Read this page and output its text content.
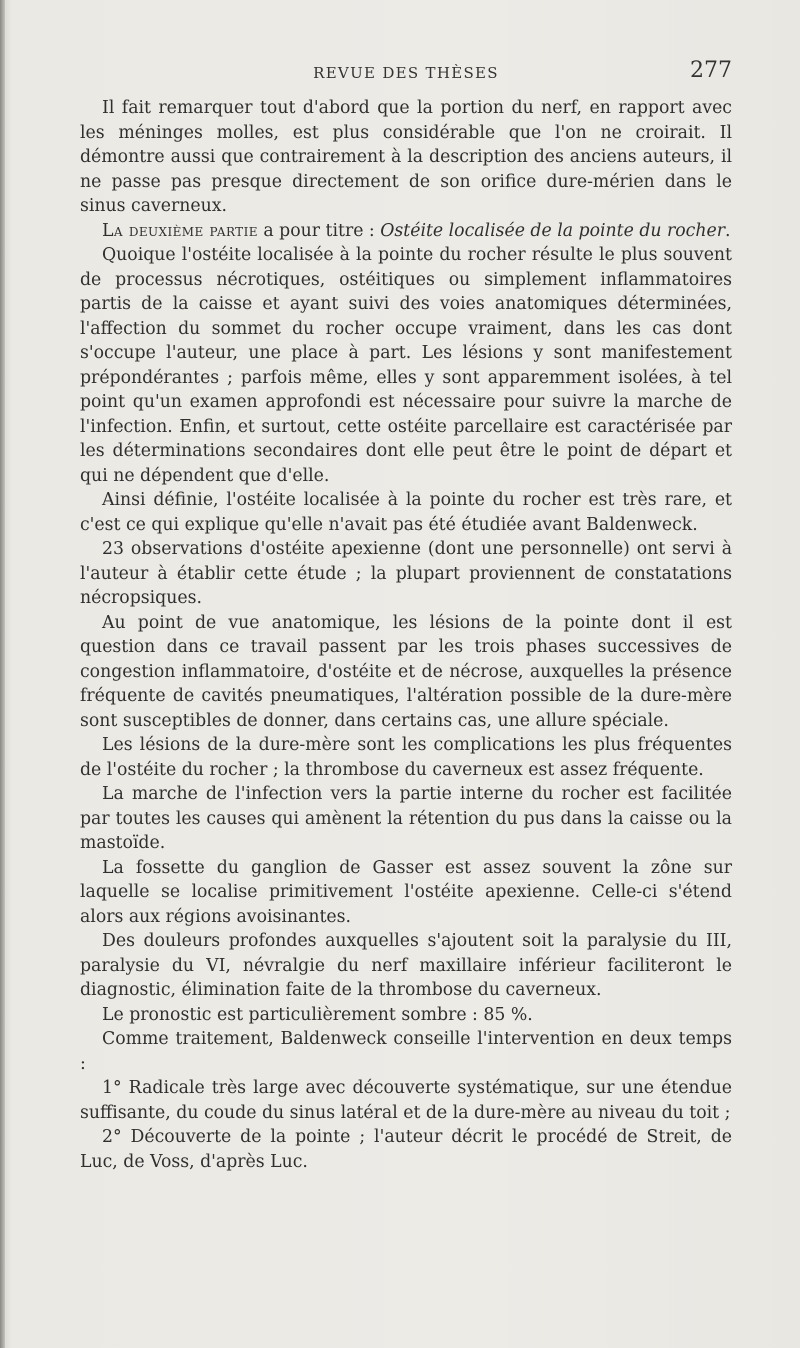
REVUE DES THÈSES	277

Il fait remarquer tout d'abord que la portion du nerf, en rapport avec les méninges molles, est plus considérable que l'on ne croirait. Il démontre aussi que contrairement à la description des anciens auteurs, il ne passe pas presque directement de son orifice dure-mérien dans le sinus caverneux.

La deuxième partie a pour titre : Ostéite localisée de la pointe du rocher.

Quoique l'ostéite localisée à la pointe du rocher résulte le plus souvent de processus nécrotiques, ostéitiques ou simplement inflammatoires partis de la caisse et ayant suivi des voies anatomiques déterminées, l'affection du sommet du rocher occupe vraiment, dans les cas dont s'occupe l'auteur, une place à part. Les lésions y sont manifestement prépondérantes ; parfois même, elles y sont apparemment isolées, à tel point qu'un examen approfondi est nécessaire pour suivre la marche de l'infection. Enfin, et surtout, cette ostéite parcellaire est caractérisée par les déterminations secondaires dont elle peut être le point de départ et qui ne dépendent que d'elle.

Ainsi définie, l'ostéite localisée à la pointe du rocher est très rare, et c'est ce qui explique qu'elle n'avait pas été étudiée avant Baldenweck.

23 observations d'ostéite apexienne (dont une personnelle) ont servi à l'auteur à établir cette étude ; la plupart proviennent de constatations nécropsiques.

Au point de vue anatomique, les lésions de la pointe dont il est question dans ce travail passent par les trois phases successives de congestion inflammatoire, d'ostéite et de nécrose, auxquelles la présence fréquente de cavités pneumatiques, l'altération possible de la dure-mère sont susceptibles de donner, dans certains cas, une allure spéciale.

Les lésions de la dure-mère sont les complications les plus fréquentes de l'ostéite du rocher ; la thrombose du caverneux est assez fréquente.

La marche de l'infection vers la partie interne du rocher est facilitée par toutes les causes qui amènent la rétention du pus dans la caisse ou la mastoïde.

La fossette du ganglion de Gasser est assez souvent la zône sur laquelle se localise primitivement l'ostéite apexienne. Celle-ci s'étend alors aux régions avoisinantes.

Des douleurs profondes auxquelles s'ajoutent soit la paralysie du III, paralysie du VI, névralgie du nerf maxillaire inférieur faciliteront le diagnostic, élimination faite de la thrombose du caverneux.

Le pronostic est particulièrement sombre : 85 %.

Comme traitement, Baldenweck conseille l'intervention en deux temps :

1° Radicale très large avec découverte systématique, sur une étendue suffisante, du coude du sinus latéral et de la dure-mère au niveau du toit ;

2° Découverte de la pointe ; l'auteur décrit le procédé de Streit, de Luc, de Voss, d'après Luc.
